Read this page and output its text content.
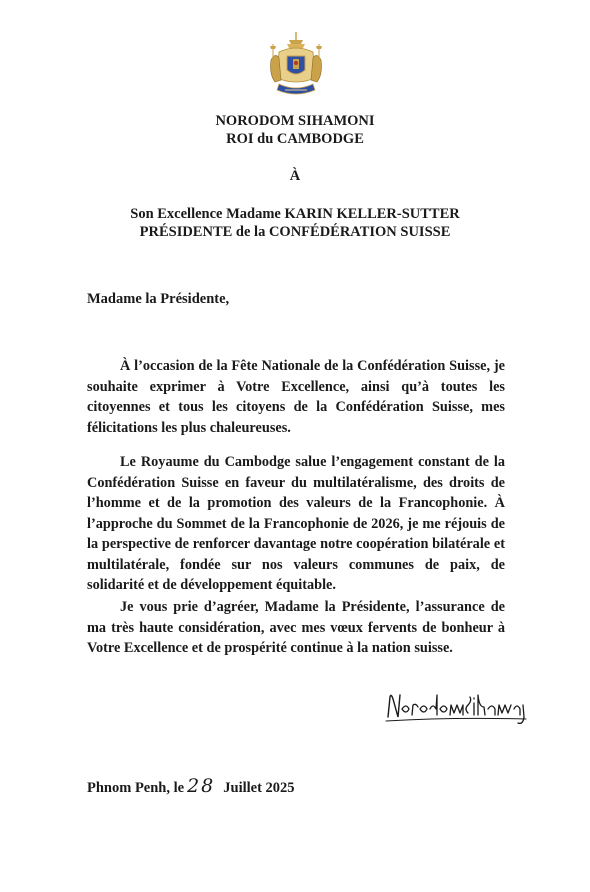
NORODOM SIHAMONI
ROI du CAMBODGE
À
Son Excellence Madame KARIN KELLER-SUTTER
PRÉSIDENTE de la CONFÉDÉRATION SUISSE
Madame la Présidente,

À l’occasion de la Fête Nationale de la Confédération Suisse, je souhaite exprimer à Votre Excellence, ainsi qu’à toutes les citoyennes et tous les citoyens de la Confédération Suisse, mes félicitations les plus chaleureuses.

Le Royaume du Cambodge salue l’engagement constant de la Confédération Suisse en faveur du multilatéralisme, des droits de l’homme et de la promotion des valeurs de la Francophonie. À l’approche du Sommet de la Francophonie de 2026, je me réjouis de la perspective de renforcer davantage notre coopération bilatérale et multilatérale, fondée sur nos valeurs communes de paix, de solidarité et de développement équitable.

Je vous prie d’agréer, Madame la Présidente, l’assurance de ma très haute considération, avec mes vœux fervents de bonheur à Votre Excellence et de prospérité continue à la nation suisse.

Phnom Penh, le 28 Juillet 2025
